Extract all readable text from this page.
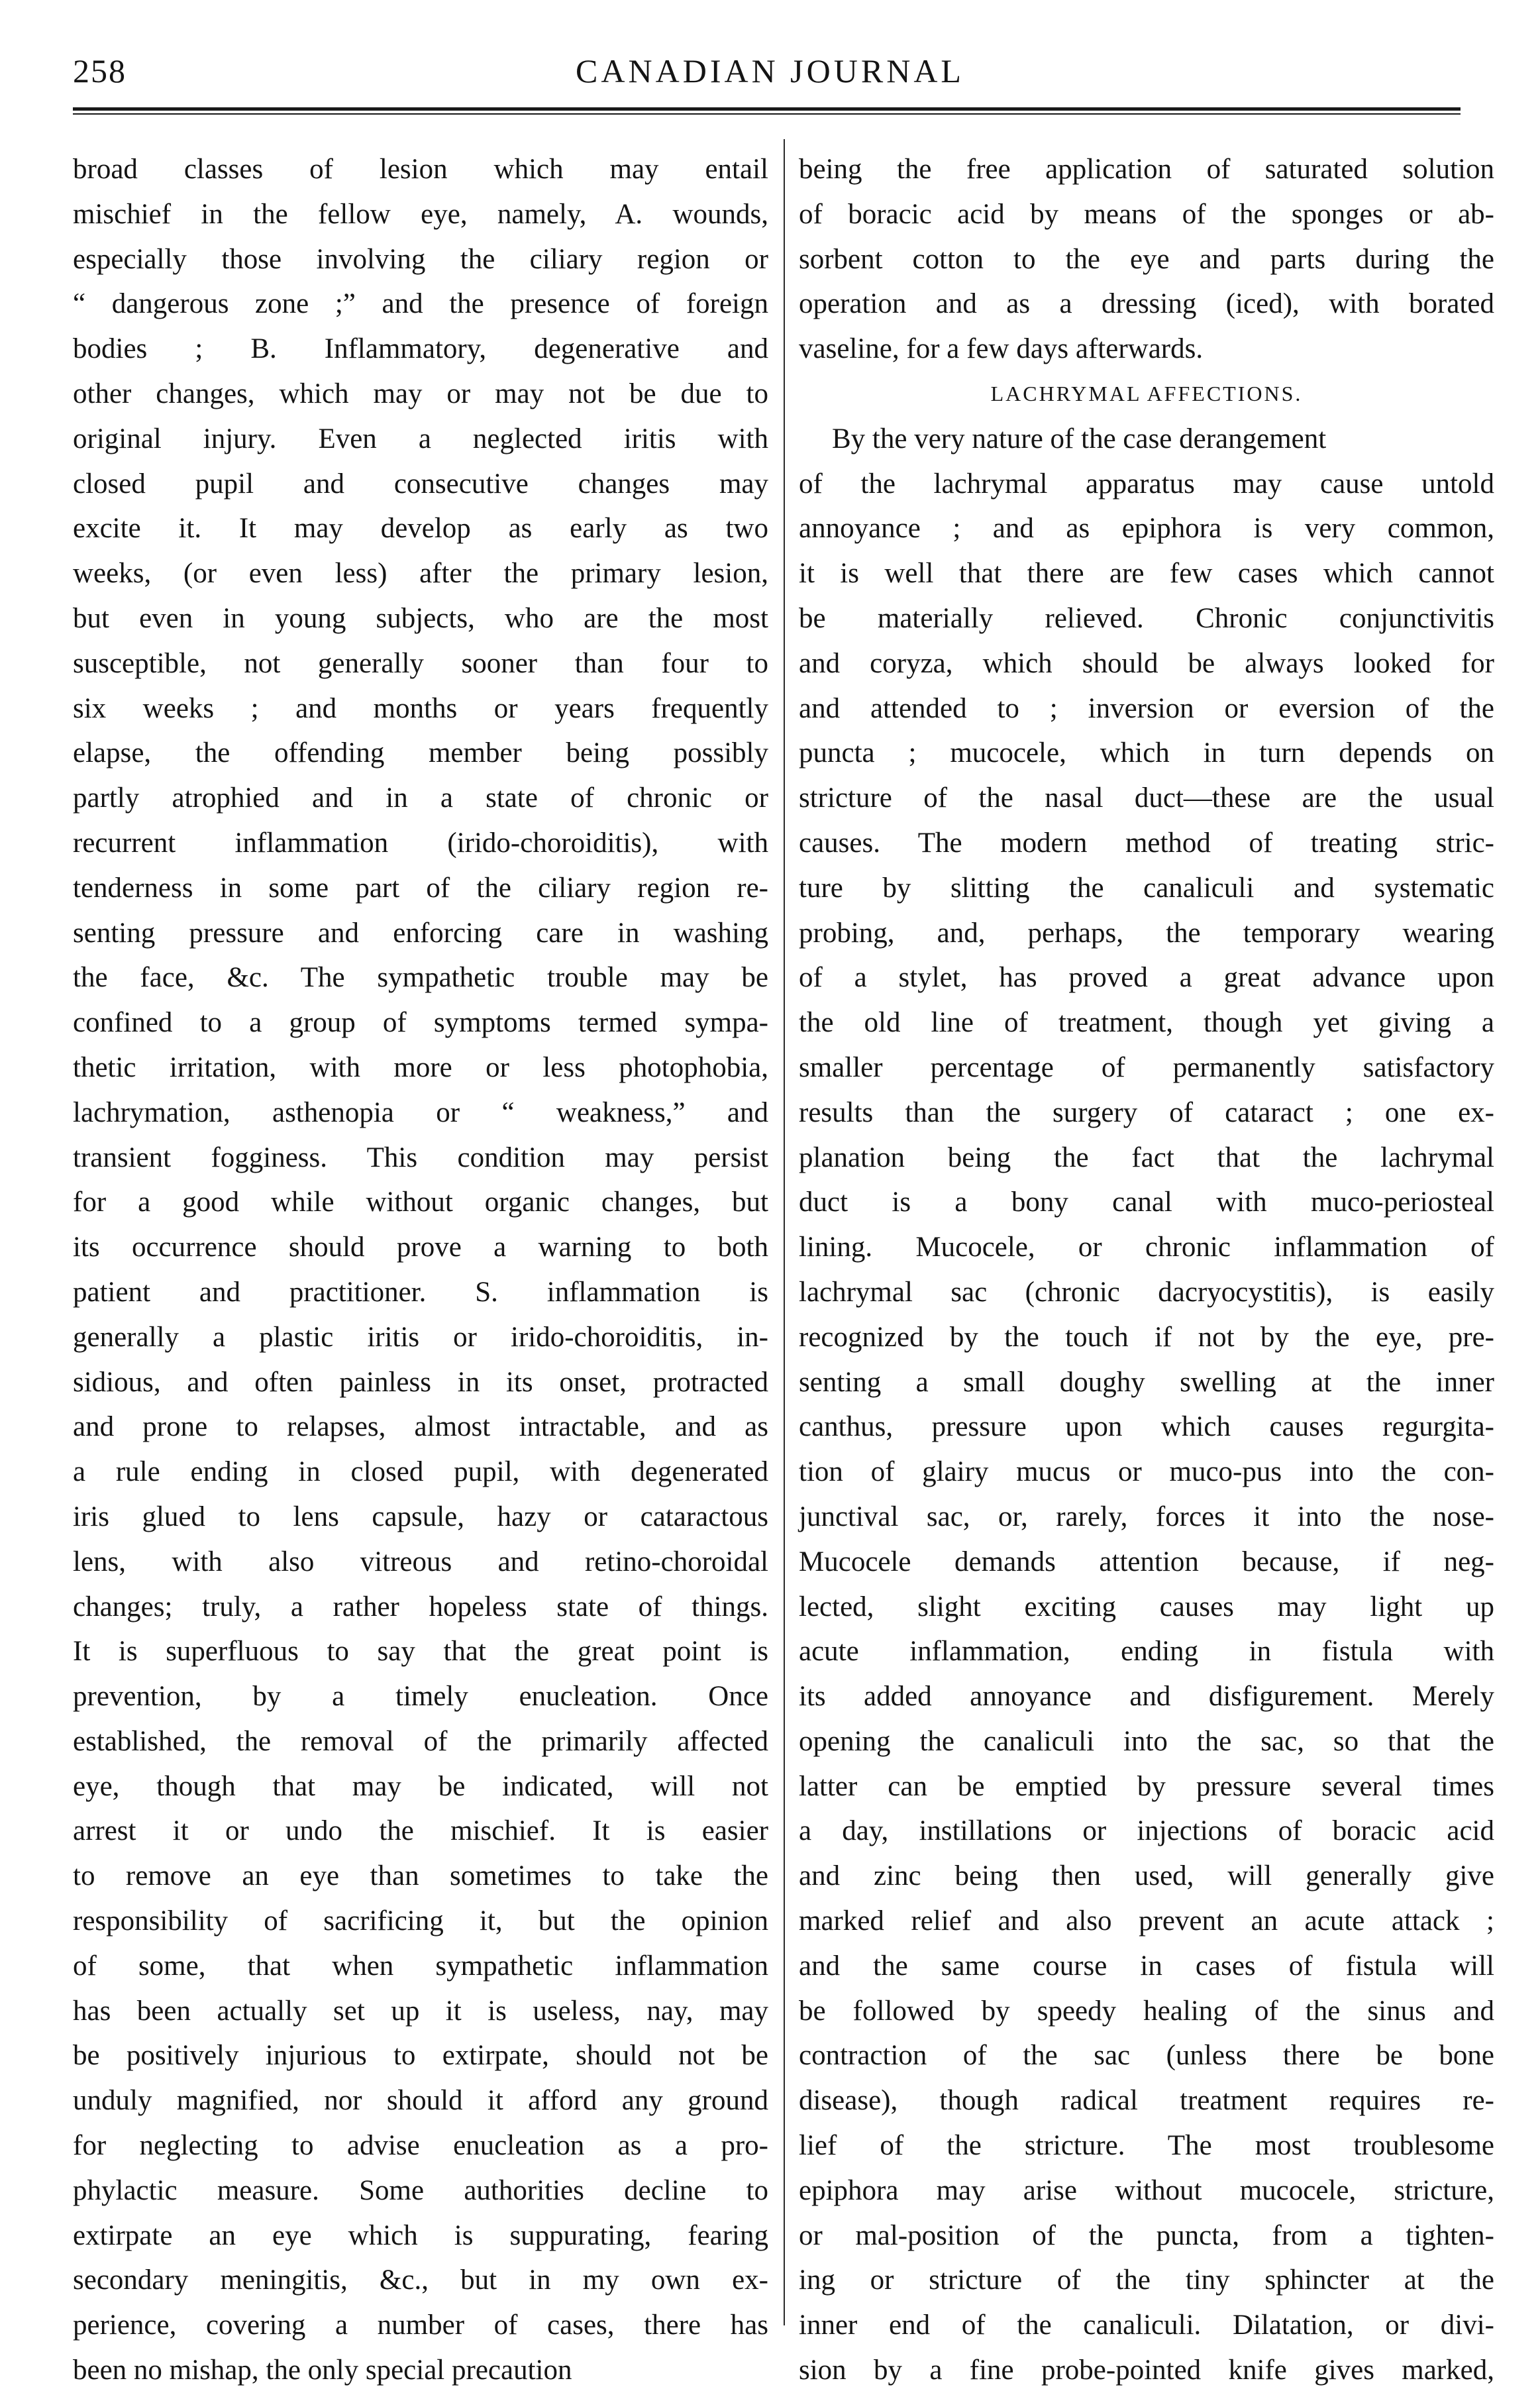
258	CANADIAN JOURNAL
broad classes of lesion which may entail
mischief in the fellow eye, namely, A. wounds,
especially those involving the ciliary region or
“ dangerous zone ;” and the presence of foreign
bodies ; B. Inflammatory, degenerative and
other changes, which may or may not be due to
original injury. Even a neglected iritis with
closed pupil and consecutive changes may
excite it. It may develop as early as two
weeks, (or even less) after the primary lesion,
but even in young subjects, who are the most
susceptible, not generally sooner than four to
six weeks ; and months or years frequently
elapse, the offending member being possibly
partly atrophied and in a state of chronic or
recurrent inflammation (irido-choroiditis), with
tenderness in some part of the ciliary region re-
senting pressure and enforcing care in washing
the face, &c. The sympathetic trouble may be
confined to a group of symptoms termed sympa-
thetic irritation, with more or less photophobia,
lachrymation, asthenopia or “ weakness,” and
transient fogginess. This condition may persist
for a good while without organic changes, but
its occurrence should prove a warning to both
patient and practitioner. S. inflammation is
generally a plastic iritis or irido-choroiditis, in-
sidious, and often painless in its onset, protracted
and prone to relapses, almost intractable, and as
a rule ending in closed pupil, with degenerated
iris glued to lens capsule, hazy or cataractous
lens, with also vitreous and retino-choroidal
changes; truly, a rather hopeless state of things.
It is superfluous to say that the great point is
prevention, by a timely enucleation. Once
established, the removal of the primarily affected
eye, though that may be indicated, will not
arrest it or undo the mischief. It is easier
to remove an eye than sometimes to take the
responsibility of sacrificing it, but the opinion
of some, that when sympathetic inflammation
has been actually set up it is useless, nay, may
be positively injurious to extirpate, should not be
unduly magnified, nor should it afford any ground
for neglecting to advise enucleation as a pro-
phylactic measure. Some authorities decline to
extirpate an eye which is suppurating, fearing
secondary meningitis, &c., but in my own ex-
perience, covering a number of cases, there has
been no mishap, the only special precaution
being the free application of saturated solution
of boracic acid by means of the sponges or ab-
sorbent cotton to the eye and parts during the
operation and as a dressing (iced), with borated
vaseline, for a few days afterwards.
LACHRYMAL AFFECTIONS.
By the very nature of the case derangement
of the lachrymal apparatus may cause untold
annoyance ; and as epiphora is very common,
it is well that there are few cases which cannot
be materially relieved. Chronic conjunctivitis
and coryza, which should be always looked for
and attended to ; inversion or eversion of the
puncta ; mucocele, which in turn depends on
stricture of the nasal duct—these are the usual
causes. The modern method of treating stric-
ture by slitting the canaliculi and systematic
probing, and, perhaps, the temporary wearing
of a stylet, has proved a great advance upon
the old line of treatment, though yet giving a
smaller percentage of permanently satisfactory
results than the surgery of cataract ; one ex-
planation being the fact that the lachrymal
duct is a bony canal with muco-periosteal
lining. Mucocele, or chronic inflammation of
lachrymal sac (chronic dacryocystitis), is easily
recognized by the touch if not by the eye, pre-
senting a small doughy swelling at the inner
canthus, pressure upon which causes regurgita-
tion of glairy mucus or muco-pus into the con-
junctival sac, or, rarely, forces it into the nose-
Mucocele demands attention because, if neg-
lected, slight exciting causes may light up
acute inflammation, ending in fistula with
its added annoyance and disfigurement. Merely
opening the canaliculi into the sac, so that the
latter can be emptied by pressure several times
a day, instillations or injections of boracic acid
and zinc being then used, will generally give
marked relief and also prevent an acute attack ;
and the same course in cases of fistula will
be followed by speedy healing of the sinus and
contraction of the sac (unless there be bone
disease), though radical treatment requires re-
lief of the stricture. The most troublesome
epiphora may arise without mucocele, stricture,
or mal-position of the puncta, from a tighten-
ing or stricture of the tiny sphincter at the
inner end of the canaliculi. Dilatation, or divi-
sion by a fine probe-pointed knife gives marked,
